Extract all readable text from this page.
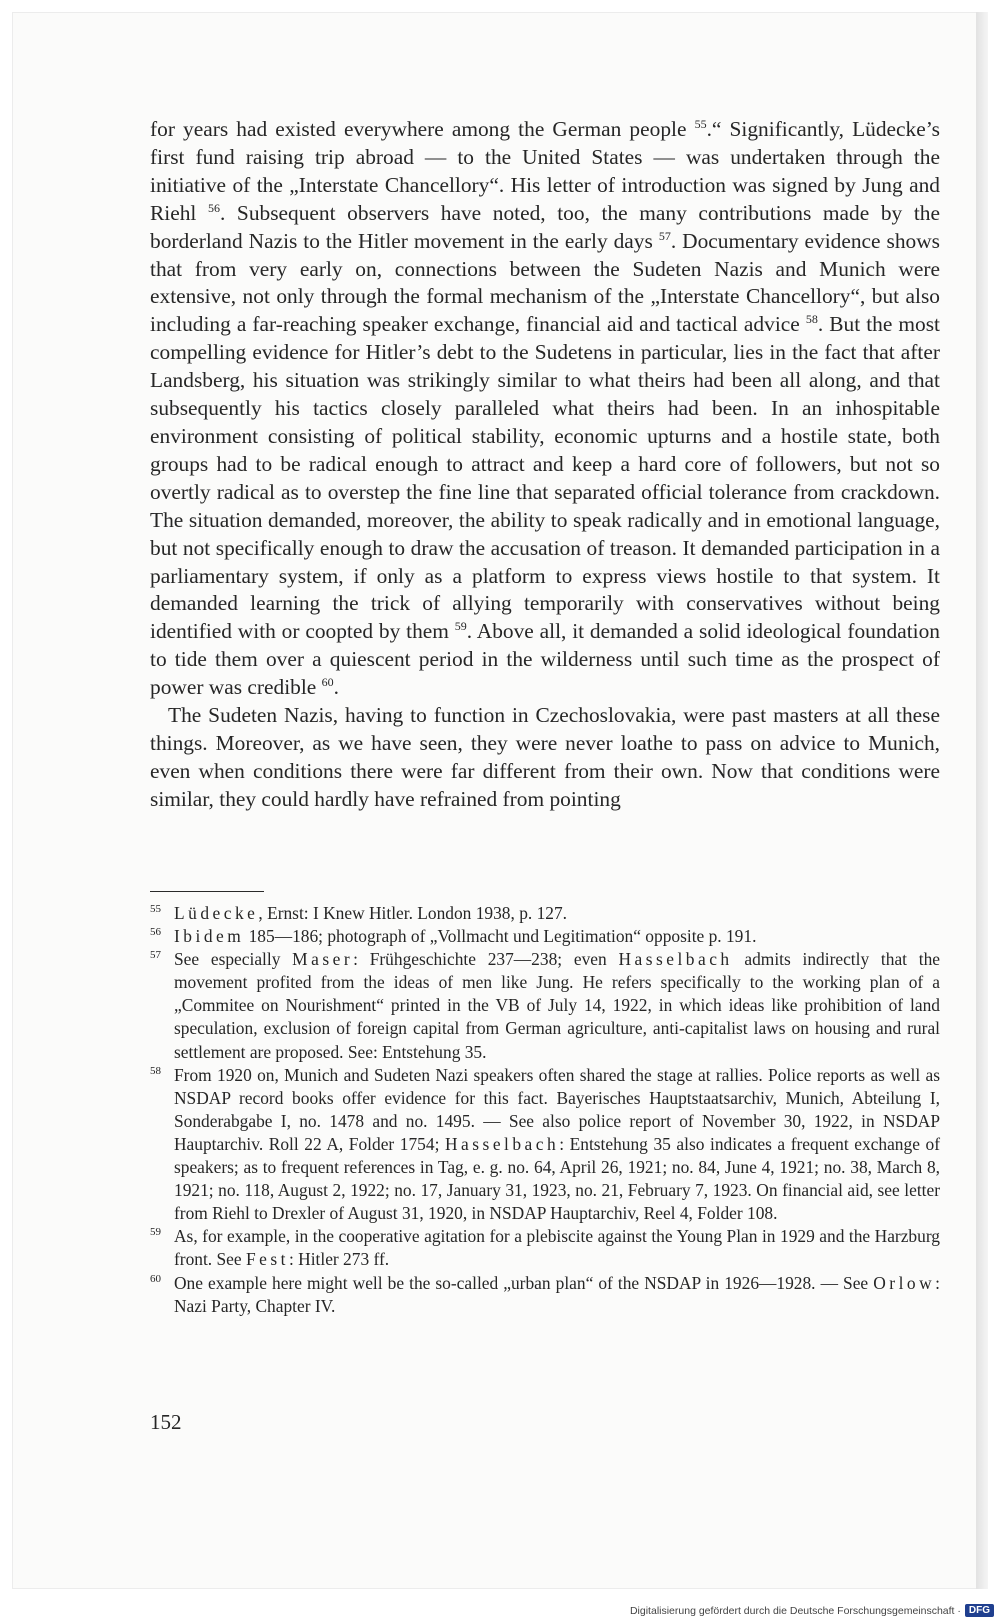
for years had existed everywhere among the German people $^{55}$.“ Significantly, Lüdecke’s first fund raising trip abroad — to the United States — was undertaken through the initiative of the „Interstate Chancellory“. His letter of introduction was signed by Jung and Riehl $^{56}$. Subsequent observers have noted, too, the many contributions made by the borderland Nazis to the Hitler movement in the early days $^{57}$. Documentary evidence shows that from very early on, connections between the Sudeten Nazis and Munich were extensive, not only through the formal mechanism of the „Interstate Chancellory“, but also including a far-reaching speaker exchange, financial aid and tactical advice $^{58}$. But the most compelling evidence for Hitler’s debt to the Sudetens in particular, lies in the fact that after Landsberg, his situation was strikingly similar to what theirs had been all along, and that subsequently his tactics closely paralleled what theirs had been. In an inhospitable environment consisting of political stability, economic upturns and a hostile state, both groups had to be radical enough to attract and keep a hard core of followers, but not so overtly radical as to overstep the fine line that separated official tolerance from crackdown. The situation demanded, moreover, the ability to speak radically and in emotional language, but not specifically enough to draw the accusation of treason. It demanded participation in a parliamentary system, if only as a platform to express views hostile to that system. It demanded learning the trick of allying temporarily with conservatives without being identified with or coopted by them $^{59}$. Above all, it demanded a solid ideological foundation to tide them over a quiescent period in the wilderness until such time as the prospect of power was credible $^{60}$.

The Sudeten Nazis, having to function in Czechoslovakia, were past masters at all these things. Moreover, as we have seen, they were never loathe to pass on advice to Munich, even when conditions there were far different from their own. Now that conditions were similar, they could hardly have refrained from pointing

55 Lüdecke, Ernst: I Knew Hitler. London 1938, p. 127.
56 Ibidem 185—186; photograph of „Vollmacht und Legitimation“ opposite p. 191.
57 See especially Maser: Frühgeschichte 237—238; even Hasselbach admits indirectly that the movement profited from the ideas of men like Jung. He refers specifically to the working plan of a „Commitee on Nourishment“ printed in the VB of July 14, 1922, in which ideas like prohibition of land speculation, exclusion of foreign capital from German agriculture, anti-capitalist laws on housing and rural settlement are proposed. See: Entstehung 35.
58 From 1920 on, Munich and Sudeten Nazi speakers often shared the stage at rallies. Police reports as well as NSDAP record books offer evidence for this fact. Bayerisches Hauptstaatsarchiv, Munich, Abteilung I, Sonderabgabe I, no. 1478 and no. 1495. — See also police report of November 30, 1922, in NSDAP Hauptarchiv. Roll 22 A, Folder 1754; Hasselbach: Entstehung 35 also indicates a frequent exchange of speakers; as to frequent references in Tag, e. g. no. 64, April 26, 1921; no. 84, June 4, 1921; no. 38, March 8, 1921; no. 118, August 2, 1922; no. 17, January 31, 1923, no. 21, February 7, 1923. On financial aid, see letter from Riehl to Drexler of August 31, 1920, in NSDAP Hauptarchiv, Reel 4, Folder 108.
59 As, for example, in the cooperative agitation for a plebiscite against the Young Plan in 1929 and the Harzburg front. See Fest: Hitler 273 ff.
60 One example here might well be the so-called „urban plan“ of the NSDAP in 1926—1928. — See Orlow: Nazi Party, Chapter IV.
152
Digitalisierung gefördert durch die Deutsche Forschungsgemeinschaft · DFG
